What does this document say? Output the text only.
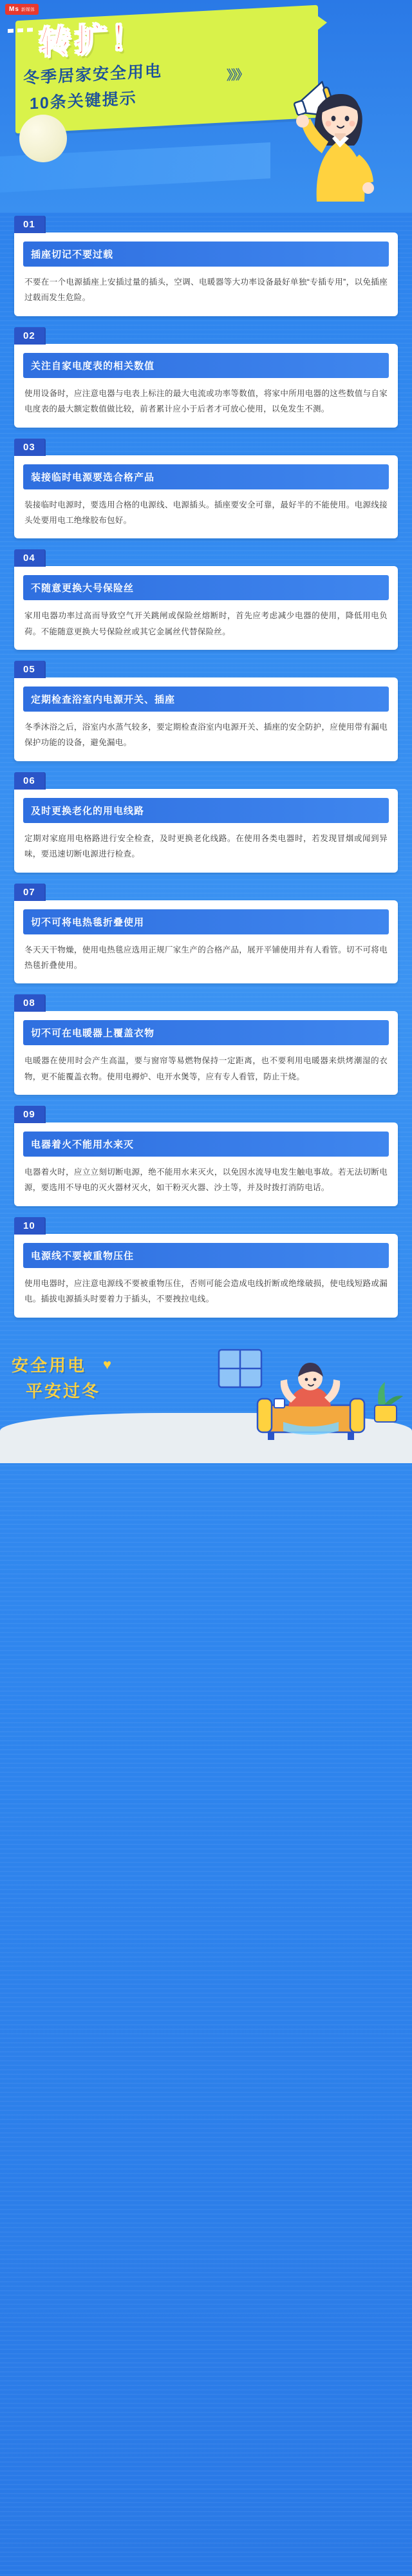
Ms 新媒体
转扩！
冬季居家安全用电	》》》
10条关键提示
01
插座切记不要过载
不要在一个电源插座上安插过量的插头，空调、电暖器等大功率设备最好单独“专插专用”，以免插座过载而发生危险。
02
关注自家电度表的相关数值
使用设备时，应注意电器与电表上标注的最大电流或功率等数值，将家中所用电器的这些数值与自家电度表的最大额定数值做比较，前者累计应小于后者才可放心使用，以免发生不测。
03
装接临时电源要选合格产品
装接临时电源时，要选用合格的电源线、电源插头。插座要安全可靠，最好半的不能使用。电源线接头处要用电工绝缘胶布包好。
04
不随意更换大号保险丝
家用电器功率过高而导致空气开关跳闸或保险丝熔断时，首先应考虑减少电器的使用，降低用电负荷。不能随意更换大号保险丝或其它金属丝代替保险丝。
05
定期检查浴室内电源开关、插座
冬季沐浴之后，浴室内水蒸气较多，要定期检查浴室内电源开关、插座的安全防护，应使用带有漏电保护功能的设备，避免漏电。
06
及时更换老化的用电线路
定期对家庭用电格路进行安全检查，及时更换老化线路。在使用各类电器时，若发现冒烟或闻到异味，要迅速切断电源进行检查。
07
切不可将电热毯折叠使用
冬天天干物燥，使用电热毯应选用正规厂家生产的合格产品，展开平铺使用并有人看管。切不可将电热毯折叠使用。
08
切不可在电暖器上覆盖衣物
电暖器在使用时会产生高温，要与窗帘等易燃物保持一定距离，也不要利用电暖器来烘烤潮湿的衣物，更不能覆盖衣物。使用电褥炉、电开水煲等，应有专人看管，防止干烧。
09
电器着火不能用水来灭
电器着火时，应立立刻切断电源，绝不能用水来灭火，以免因水流导电发生触电事故。若无法切断电源，要选用不导电的灭火器材灭火，如干粉灭火器、沙土等，并及时拨打消防电话。
10
电源线不要被重物压住
使用电器时，应注意电源线不要被重物压住，否则可能会造成电线折断或绝缘破损，使电线短路或漏电。插拔电源插头时要着力于插头，不要拽拉电线。
安全用电 ♥
平安过冬
